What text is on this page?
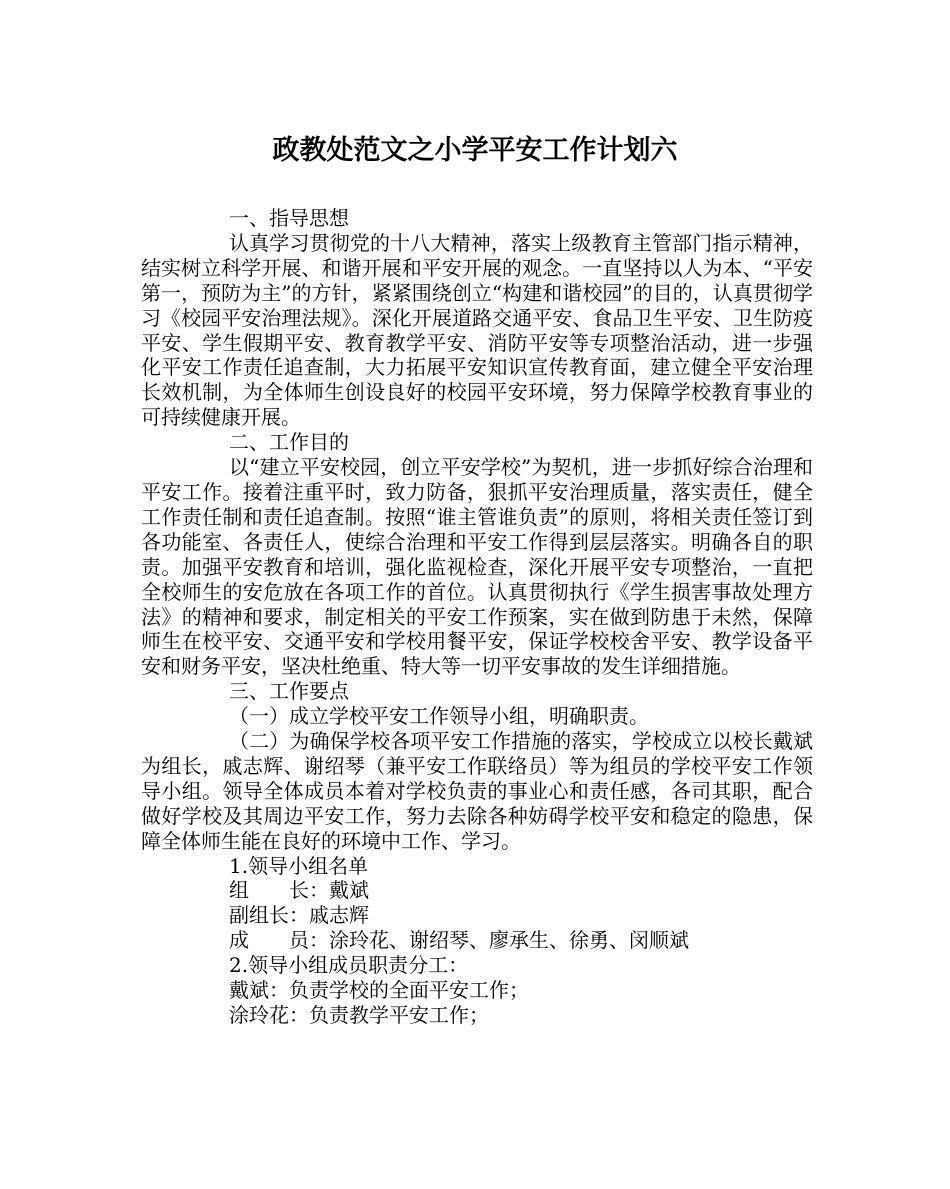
政教处范文之小学平安工作计划六

一、指导思想

认真学习贯彻党的十八大精神，落实上级教育主管部门指示精神，结实树立科学开展、和谐开展和平安开展的观念。一直坚持以人为本、“平安第一，预防为主”的方针，紧紧围绕创立“构建和谐校园”的目的，认真贯彻学习《校园平安治理法规》。深化开展道路交通平安、食品卫生平安、卫生防疫平安、学生假期平安、教育教学平安、消防平安等专项整治活动，进一步强化平安工作责任追查制，大力拓展平安知识宣传教育面，建立健全平安治理长效机制，为全体师生创设良好的校园平安环境，努力保障学校教育事业的可持续健康开展。

二、工作目的

以“建立平安校园，创立平安学校”为契机，进一步抓好综合治理和平安工作。接着注重平时，致力防备，狠抓平安治理质量，落实责任，健全工作责任制和责任追查制。按照“谁主管谁负责”的原则，将相关责任签订到各功能室、各责任人，使综合治理和平安工作得到层层落实。明确各自的职责。加强平安教育和培训，强化监视检查，深化开展平安专项整治，一直把全校师生的安危放在各项工作的首位。认真贯彻执行《学生损害事故处理方法》的精神和要求，制定相关的平安工作预案，实在做到防患于未然，保障师生在校平安、交通平安和学校用餐平安，保证学校校舍平安、教学设备平安和财务平安，坚决杜绝重、特大等一切平安事故的发生详细措施。

三、工作要点

（一）成立学校平安工作领导小组，明确职责。

（二）为确保学校各项平安工作措施的落实，学校成立以校长戴斌为组长，戚志辉、谢绍琴（兼平安工作联络员）等为组员的学校平安工作领导小组。领导全体成员本着对学校负责的事业心和责任感，各司其职，配合做好学校及其周边平安工作，努力去除各种妨碍学校平安和稳定的隐患，保障全体师生能在良好的环境中工作、学习。

1.领导小组名单

组 长：戴斌

副组长：戚志辉

成 员：涂玲花、谢绍琴、廖承生、徐勇、闵顺斌

2.领导小组成员职责分工：

戴斌：负责学校的全面平安工作；

涂玲花：负责教学平安工作；
